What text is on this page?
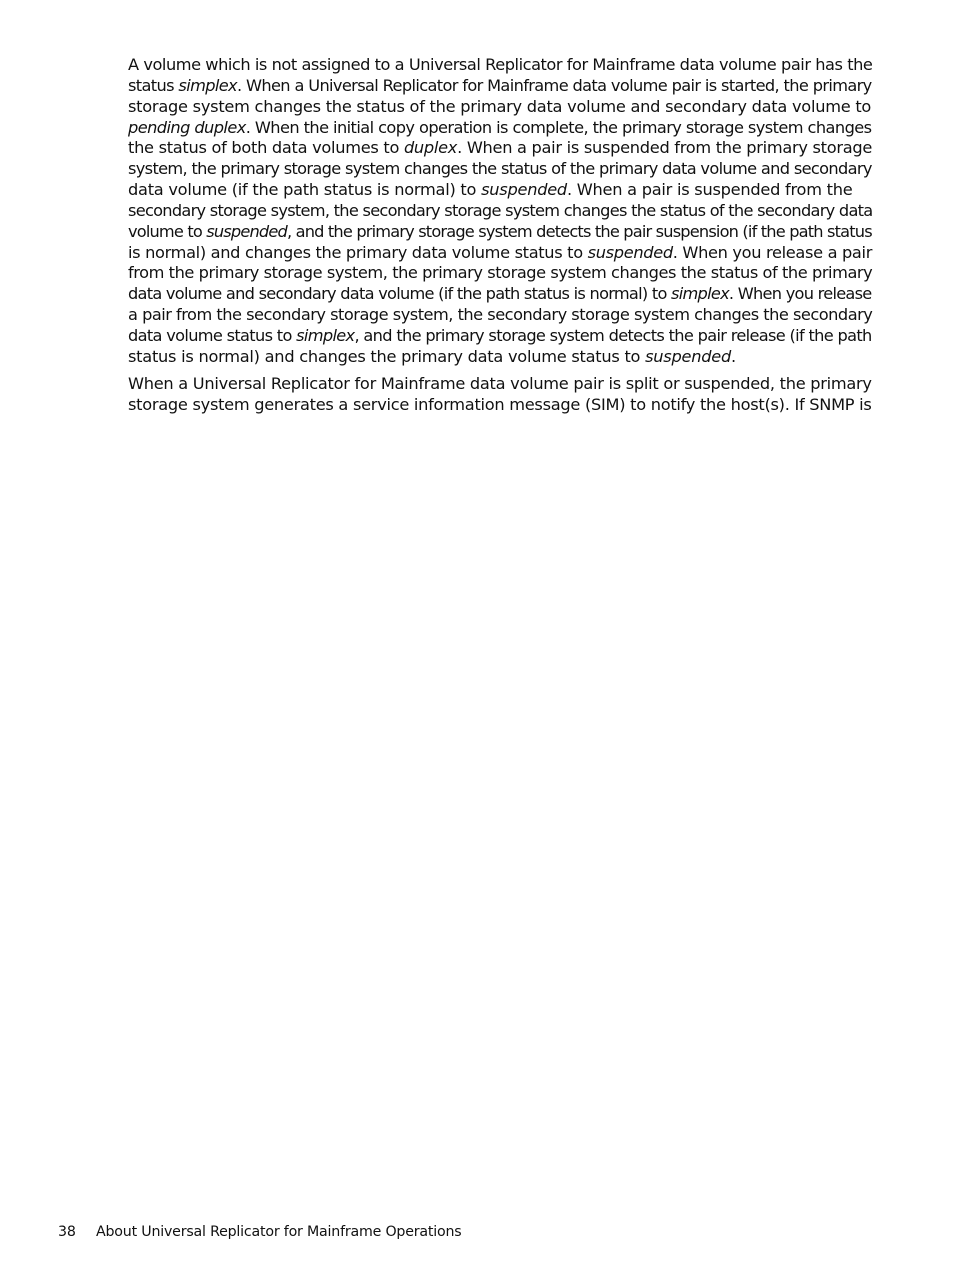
A volume which is not assigned to a Universal Replicator for Mainframe data volume pair has the
status simplex. When a Universal Replicator for Mainframe data volume pair is started, the primary
storage system changes the status of the primary data volume and secondary data volume to
pending duplex. When the initial copy operation is complete, the primary storage system changes
the status of both data volumes to duplex. When a pair is suspended from the primary storage
system, the primary storage system changes the status of the primary data volume and secondary
data volume (if the path status is normal) to suspended. When a pair is suspended from the
secondary storage system, the secondary storage system changes the status of the secondary data
volume to suspended, and the primary storage system detects the pair suspension (if the path status
is normal) and changes the primary data volume status to suspended. When you release a pair
from the primary storage system, the primary storage system changes the status of the primary
data volume and secondary data volume (if the path status is normal) to simplex. When you release
a pair from the secondary storage system, the secondary storage system changes the secondary
data volume status to simplex, and the primary storage system detects the pair release (if the path
status is normal) and changes the primary data volume status to suspended.

When a Universal Replicator for Mainframe data volume pair is split or suspended, the primary
storage system generates a service information message (SIM) to notify the host(s). If SNMP is

38 About Universal Replicator for Mainframe Operations
